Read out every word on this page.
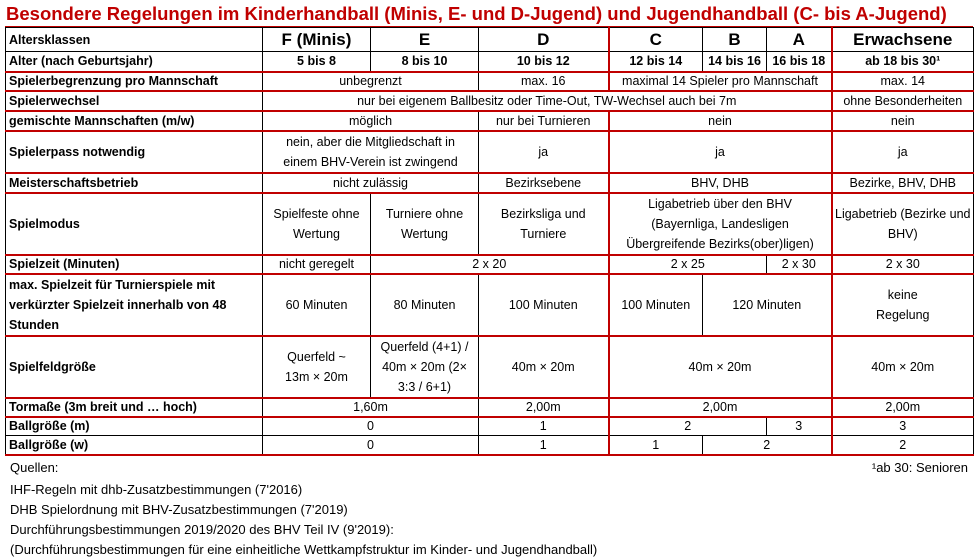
Besondere Regelungen im Kinderhandball (Minis, E- und D-Jugend) und Jugendhandball (C- bis A-Jugend)
Altersklassen	F (Minis)	E	D	C	B	A	Erwachsene
Alter (nach Geburtsjahr)	5 bis 8	8 bis 10	10 bis 12	12 bis 14	14 bis 16	16 bis 18	ab 18 bis 30¹
Spielerbegrenzung pro Mannschaft	unbegrenzt		max. 16	maximal 14 Spieler pro Mannschaft			max. 14
Spielerwechsel	nur bei eigenem Ballbesitz oder Time-Out, TW-Wechsel auch bei 7m						ohne Besonderheiten
gemischte Mannschaften (m/w)	möglich		nur bei Turnieren	nein			nein
Spielerpass notwendig	nein, aber die Mitgliedschaft in einem BHV-Verein ist zwingend		ja	ja			ja
Meisterschaftsbetrieb	nicht zulässig		Bezirksebene	BHV, DHB			Bezirke, BHV, DHB
Spielmodus	Spielfeste ohne Wertung	Turniere ohne Wertung	Bezirksliga und Turniere	Ligabetrieb über den BHV (Bayernliga, Landesligen Übergreifende Bezirks(ober)ligen)			Ligabetrieb (Bezirke und BHV)
Spielzeit (Minuten)	nicht geregelt	2 x 20		2 x 25		2 x 30	2 x 30
max. Spielzeit für Turnierspiele mit verkürzter Spielzeit innerhalb von 48 Stunden	60 Minuten	80 Minuten	100 Minuten	100 Minuten	120 Minuten		keine Regelung
Spielfeldgröße	Querfeld ~ 13m × 20m	Querfeld (4+1) / 40m × 20m (2× 3:3 / 6+1)	40m × 20m	40m × 20m			40m × 20m
Tormaße (3m breit und … hoch)	1,60m		2,00m	2,00m			2,00m
Ballgröße (m)	0		1	2		3	3
Ballgröße (w)	0		1	1	2		2
Quellen:	¹ab 30: Senioren
IHF-Regeln mit dhb-Zusatzbestimmungen (7'2016)
DHB Spielordnung mit BHV-Zusatzbestimmungen (7'2019)
Durchführungsbestimmungen 2019/2020 des BHV Teil IV (9'2019):
(Durchführungsbestimmungen für eine einheitliche Wettkampfstruktur im Kinder- und Jugendhandball)
